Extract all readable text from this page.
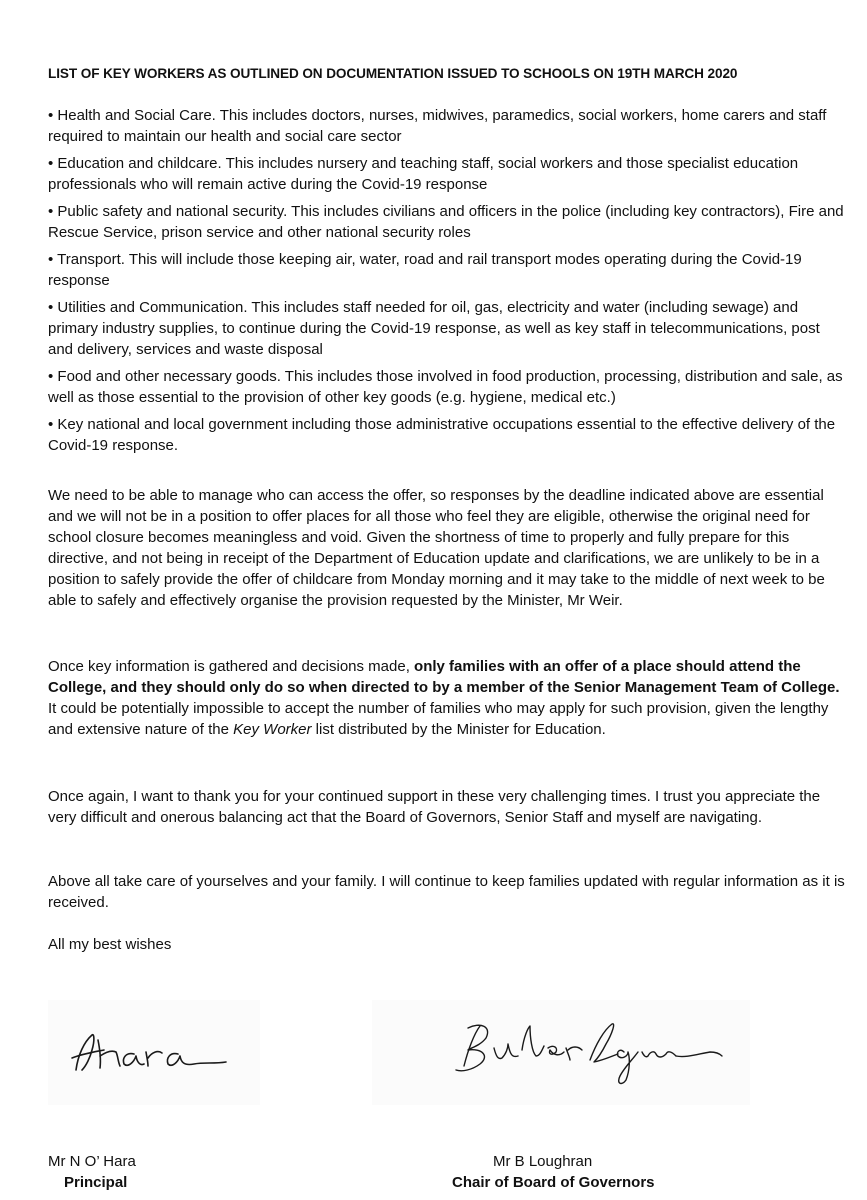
LIST OF KEY WORKERS AS OUTLINED ON DOCUMENTATION ISSUED TO SCHOOLS ON 19TH MARCH 2020

• Health and Social Care. This includes doctors, nurses, midwives, paramedics, social workers, home carers and staff required to maintain our health and social care sector

• Education and childcare. This includes nursery and teaching staff, social workers and those specialist education professionals who will remain active during the Covid-19 response

• Public safety and national security. This includes civilians and officers in the police (including key contractors), Fire and Rescue Service, prison service and other national security roles

• Transport. This will include those keeping air, water, road and rail transport modes operating during the Covid-19 response

• Utilities and Communication. This includes staff needed for oil, gas, electricity and water (including sewage) and primary industry supplies, to continue during the Covid-19 response, as well as key staff in telecommunications, post and delivery, services and waste disposal

• Food and other necessary goods. This includes those involved in food production, processing, distribution and sale, as well as those essential to the provision of other key goods (e.g. hygiene, medical etc.)

• Key national and local government including those administrative occupations essential to the effective delivery of the Covid-19 response.

We need to be able to manage who can access the offer, so responses by the deadline indicated above are essential and we will not be in a position to offer places for all those who feel they are eligible, otherwise the original need for school closure becomes meaningless and void. Given the shortness of time to properly and fully prepare for this directive, and not being in receipt of the Department of Education update and clarifications, we are unlikely to be in a position to safely provide the offer of childcare from Monday morning and it may take to the middle of next week to be able to safely and effectively organise the provision requested by the Minister, Mr Weir.

Once key information is gathered and decisions made, only families with an offer of a place should attend the College, and they should only do so when directed to by a member of the Senior Management Team of College. It could be potentially impossible to accept the number of families who may apply for such provision, given the lengthy and extensive nature of the Key Worker list distributed by the Minister for Education.

Once again, I want to thank you for your continued support in these very challenging times. I trust you appreciate the very difficult and onerous balancing act that the Board of Governors, Senior Staff and myself are navigating.

Above all take care of yourselves and your family. I will continue to keep families updated with regular information as it is received.

All my best wishes

Mr N O’ Hara
Principal
Mr B Loughran
Chair of Board of Governors
